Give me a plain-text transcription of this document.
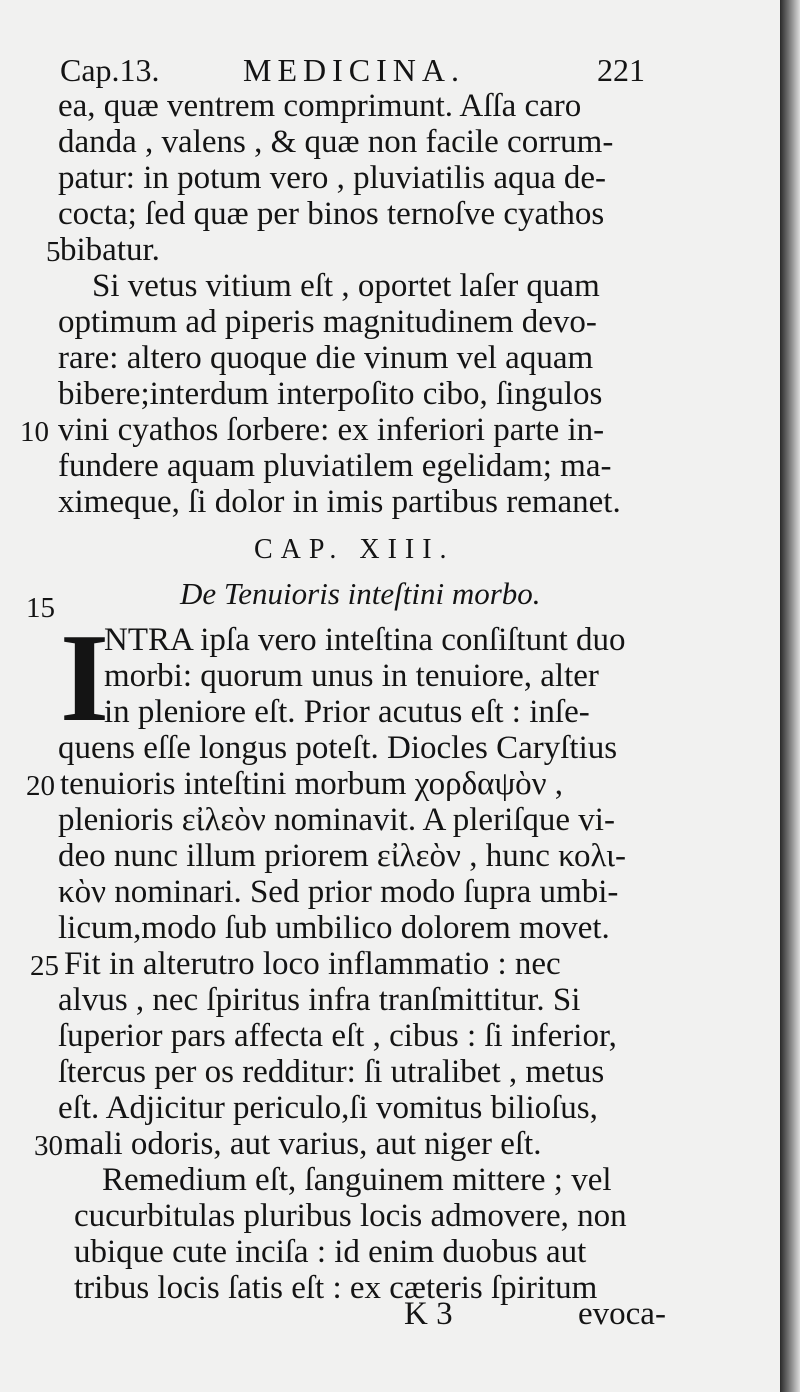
Cap.13.	MEDICINA.	221
ea, quæ ventrem comprimunt. Aſſa caro
danda , valens , & quæ non facile corrum-
patur: in potum vero , pluviatilis aqua de-
cocta; ſed quæ per binos ternoſve cyathos
5 bibatur.
Si vetus vitium eſt , oportet laſer quam
optimum ad piperis magnitudinem devo-
rare: altero quoque die vinum vel aquam
bibere;interdum interpoſito cibo, ſingulos
10 vini cyathos ſorbere: ex inferiori parte in-
fundere aquam pluviatilem egelidam; ma-
ximeque, ſi dolor in imis partibus remanet.
CAP. XIII.
15	De Tenuioris inteſtini morbo.
I
NTRA ipſa vero inteſtina conſiſtunt duo
morbi: quorum unus in tenuiore, alter
in pleniore eſt. Prior acutus eſt : inſe-
quens eſſe longus poteſt. Diocles Caryſtius
20 tenuioris inteſtini morbum χορδαψὸν ,
plenioris εἰλεὸν nominavit. A pleriſque vi-
deo nunc illum priorem εἰλεὸν , hunc κολι-
κὸν nominari. Sed prior modo ſupra umbi-
licum,modo ſub umbilico dolorem movet.
25 Fit in alterutro loco inflammatio : nec
alvus , nec ſpiritus infra tranſmittitur. Si
ſuperior pars affecta eſt , cibus : ſi inferior,
ſtercus per os redditur: ſi utralibet , metus
eſt. Adjicitur periculo,ſi vomitus bilioſus,
30 mali odoris, aut varius, aut niger eſt.
Remedium eſt, ſanguinem mittere ; vel
cucurbitulas pluribus locis admovere, non
ubique cute inciſa : id enim duobus aut
tribus locis ſatis eſt : ex cæteris ſpiritum
K 3	evoca-
